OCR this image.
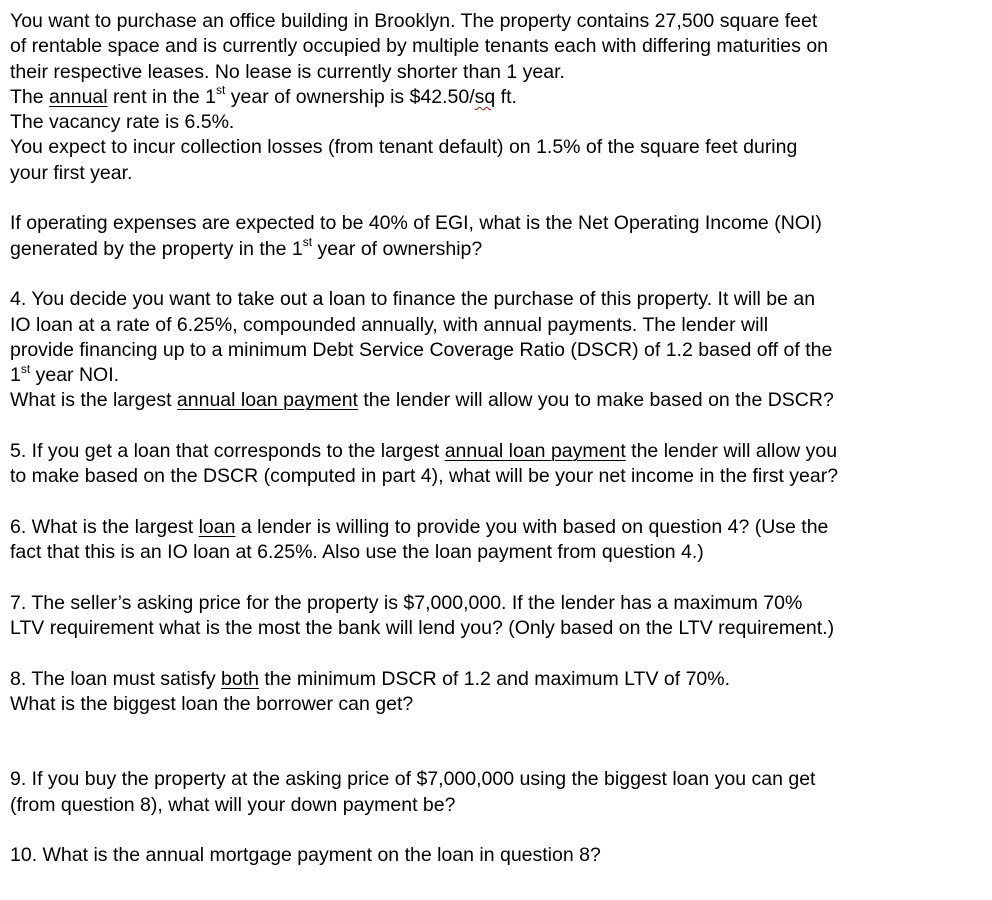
You want to purchase an office building in Brooklyn. The property contains 27,500 square feet
of rentable space and is currently occupied by multiple tenants each with differing maturities on
their respective leases. No lease is currently shorter than 1 year.
The annual rent in the 1st year of ownership is $42.50/sq ft.
The vacancy rate is 6.5%.
You expect to incur collection losses (from tenant default) on 1.5% of the square feet during
your first year.
If operating expenses are expected to be 40% of EGI, what is the Net Operating Income (NOI)
generated by the property in the 1st year of ownership?
4. You decide you want to take out a loan to finance the purchase of this property. It will be an
IO loan at a rate of 6.25%, compounded annually, with annual payments. The lender will
provide financing up to a minimum Debt Service Coverage Ratio (DSCR) of 1.2 based off of the
1st year NOI.
What is the largest annual loan payment the lender will allow you to make based on the DSCR?
5. If you get a loan that corresponds to the largest annual loan payment the lender will allow you
to make based on the DSCR (computed in part 4), what will be your net income in the first year?
6. What is the largest loan a lender is willing to provide you with based on question 4? (Use the
fact that this is an IO loan at 6.25%. Also use the loan payment from question 4.)
7. The seller’s asking price for the property is $7,000,000. If the lender has a maximum 70%
LTV requirement what is the most the bank will lend you? (Only based on the LTV requirement.)
8. The loan must satisfy both the minimum DSCR of 1.2 and maximum LTV of 70%.
What is the biggest loan the borrower can get?
9. If you buy the property at the asking price of $7,000,000 using the biggest loan you can get
(from question 8), what will your down payment be?
10. What is the annual mortgage payment on the loan in question 8?
